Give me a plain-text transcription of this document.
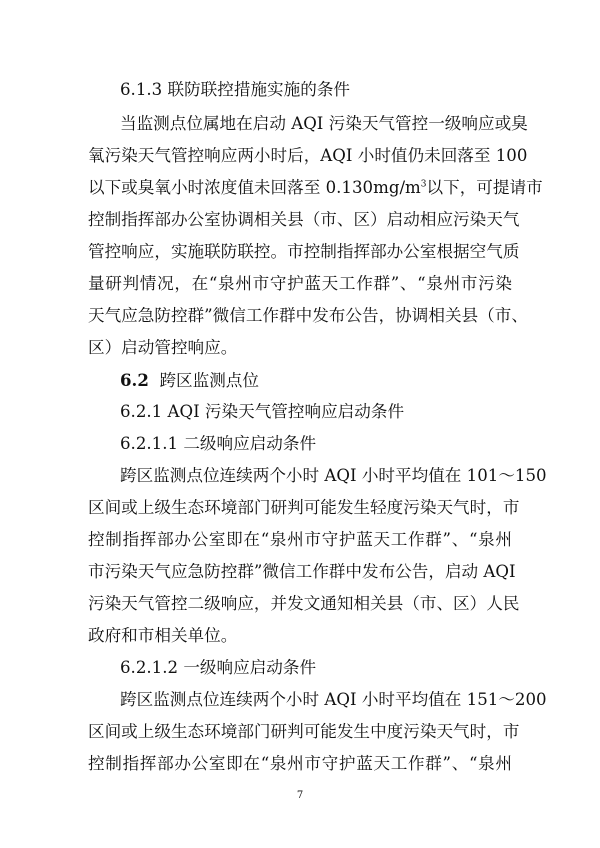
6.1.3 联防联控措施实施的条件
当监测点位属地在启动 AQI 污染天气管控一级响应或臭
氧污染天气管控响应两小时后，AQI 小时值仍未回落至 100
以下或臭氧小时浓度值未回落至 $0.130mg/m^3$以下，可提请市
控制指挥部办公室协调相关县（市、区）启动相应污染天气
管控响应，实施联防联控。市控制指挥部办公室根据空气质
量研判情况，在“泉州市守护蓝天工作群”、“泉州市污染
天气应急防控群”微信工作群中发布公告，协调相关县（市、
区）启动管控响应。
6.2 跨区监测点位
6.2.1 AQI 污染天气管控响应启动条件
6.2.1.1 二级响应启动条件
跨区监测点位连续两个小时 AQI 小时平均值在 101～150
区间或上级生态环境部门研判可能发生轻度污染天气时，市
控制指挥部办公室即在“泉州市守护蓝天工作群”、“泉州
市污染天气应急防控群”微信工作群中发布公告，启动 AQI
污染天气管控二级响应，并发文通知相关县（市、区）人民
政府和市相关单位。
6.2.1.2 一级响应启动条件
跨区监测点位连续两个小时 AQI 小时平均值在 151～200
区间或上级生态环境部门研判可能发生中度污染天气时，市
控制指挥部办公室即在“泉州市守护蓝天工作群”、“泉州
7
